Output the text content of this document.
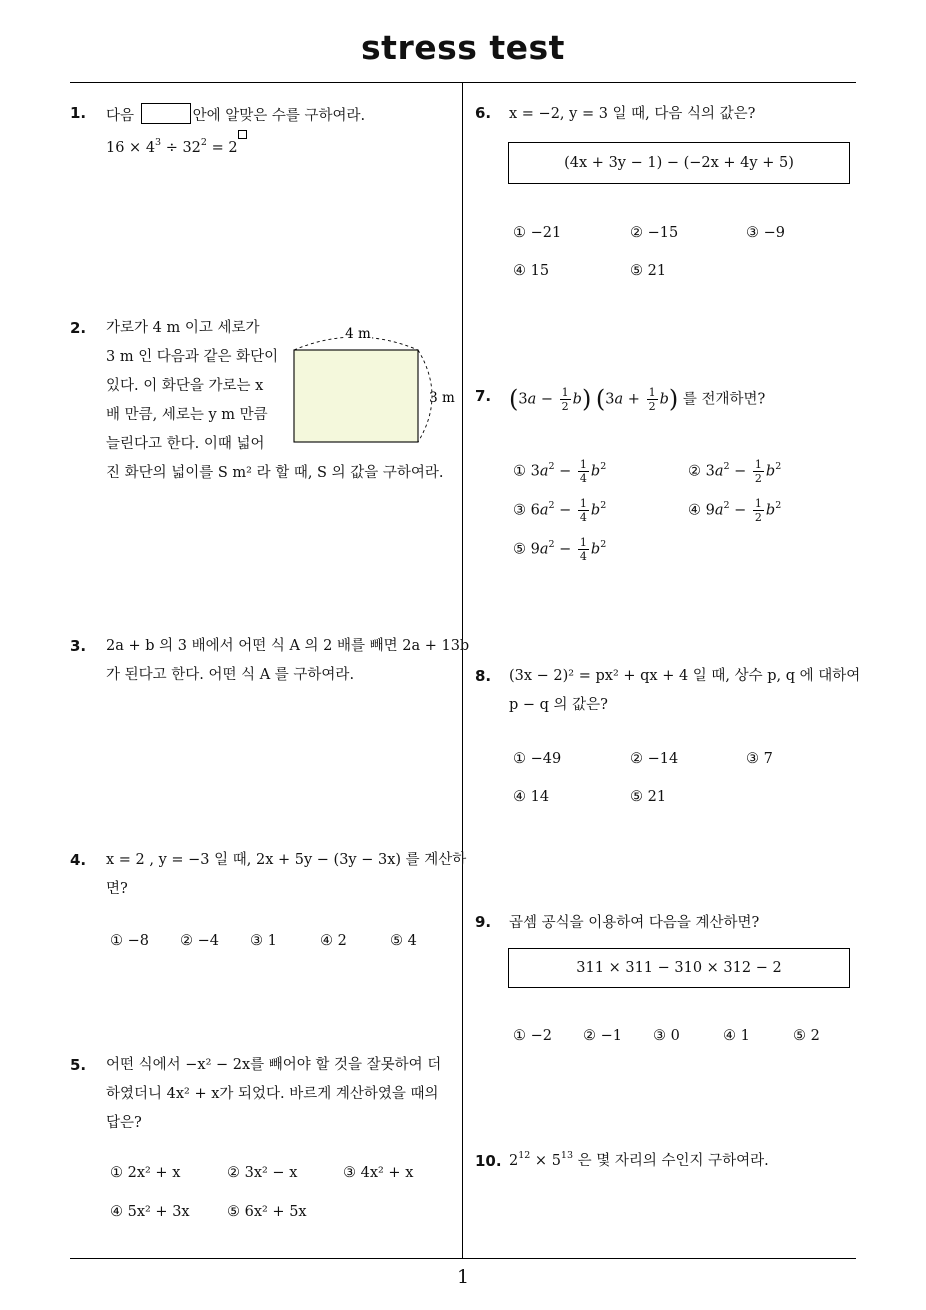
stress test
1
1. 다음	안에 알맞은 수를 구하여라.
$16 \times 4^3 \div 32^2 = 2$
2. 가로가 4 m 이고 세로가
3 m 인 다음과 같은 화단이
있다. 이 화단을 가로는 x
배 만큼, 세로는 y m 만큼
늘린다고 한다. 이때 넓어
진 화단의 넓이를 S m² 라 할 때, S 의 값을 구하여라.
4 m
3 m
3. 2a + b 의 3 배에서 어떤 식 A 의 2 배를 빼면 2a + 13b
가 된다고 한다. 어떤 식 A 를 구하여라.
4. x = 2 , y = −3 일 때, 2x + 5y − (3y − 3x) 를 계산하
면?
① −8 ② −4 ③ 1	④ 2	⑤ 4
5. 어떤 식에서 −x² − 2x를 빼어야 할 것을 잘못하여 더
하였더니 4x² + x가 되었다. 바르게 계산하였을 때의
답은?
① 2x² + x	② 3x² − x	③ 4x² + x
④ 5x² + 3x	⑤ 6x² + 5x
6. x = −2, y = 3 일 때, 다음 식의 값은?
(4x + 3y − 1) − (−2x + 4y + 5)
① −21	② −15	③ −9
④ 15	⑤ 21
7. $(3a - \frac{1}{2} b)$ $(3a + \frac{1}{2} b)$ 를 전개하면?
① $3a^2 - \frac{1}{4} b^2$	② $3a^2 - \frac{1}{2} b^2$
③ $6a^2 - \frac{1}{4} b^2$	④ $9a^2 - \frac{1}{2} b^2$
⑤ $9a^2 - \frac{1}{4} b^2$
8. (3x − 2)² = px² + qx + 4 일 때, 상수 p, q 에 대하여
p − q 의 값은?
① −49	② −14	③ 7
④ 14	⑤ 21
9. 곱셈 공식을 이용하여 다음을 계산하면?
311 × 311 − 310 × 312 − 2
① −2 ② −1 ③ 0	④ 1	⑤ 2
10. $2^{12} \times 5^{13}$ 은 몇 자리의 수인지 구하여라.
